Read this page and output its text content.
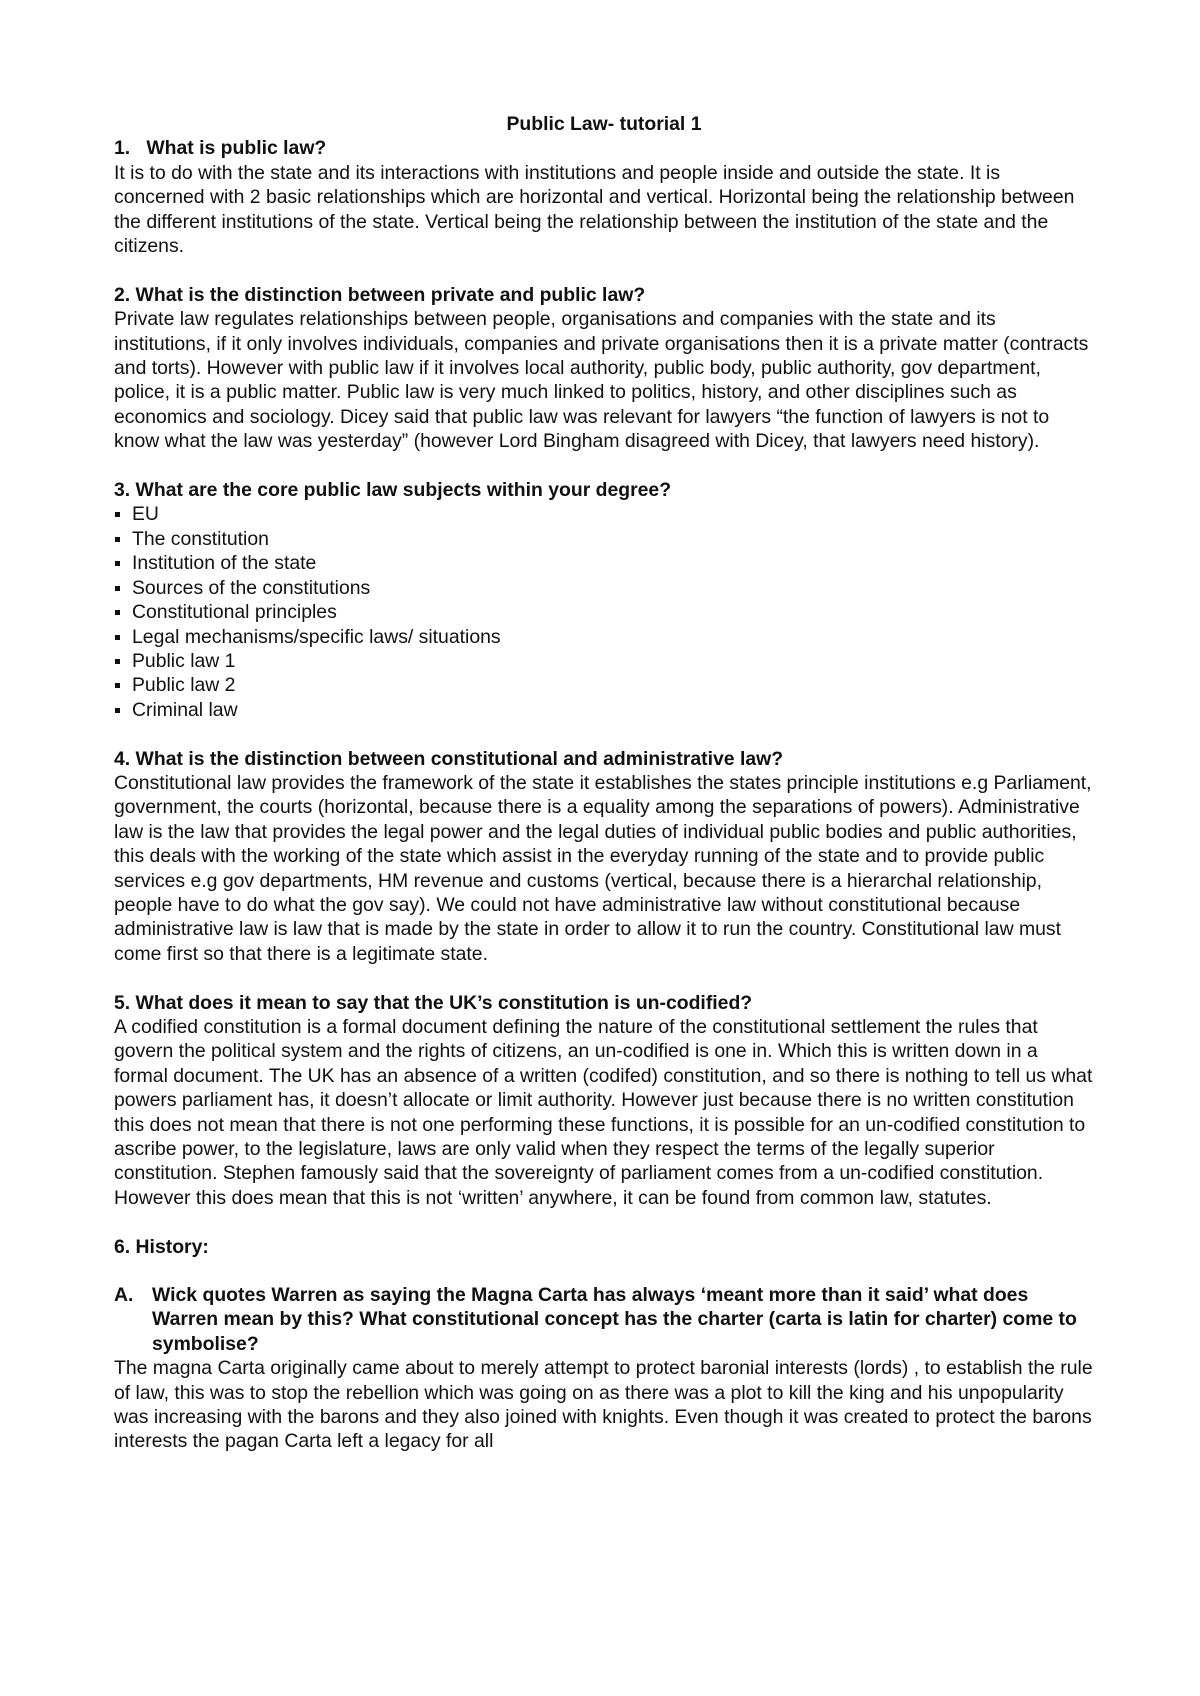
Public Law- tutorial 1

1.   What is public law?

It is to do with the state and its interactions with institutions and people inside and outside the state. It is concerned with 2 basic relationships which are horizontal and vertical. Horizontal being the relationship between the different institutions of the state. Vertical being the relationship between the institution of the state and the citizens.

2. What is the distinction between private and public law?

Private law regulates relationships between people, organisations and companies with the state and its institutions, if it only involves individuals, companies and private organisations then it is a private matter (contracts and torts). However with public law if it involves local authority, public body, public authority, gov department, police, it is a public matter. Public law is very much linked to politics, history, and other disciplines such as economics and sociology. Dicey said that public law was relevant for lawyers “the function of lawyers is not to know what the law was yesterday” (however Lord Bingham disagreed with Dicey, that lawyers need history).

3. What are the core public law subjects within your degree?

EU
The constitution
Institution of the state
Sources of the constitutions
Constitutional principles
Legal mechanisms/specific laws/ situations
Public law 1
Public law 2
Criminal law

4. What is the distinction between constitutional and administrative law?

Constitutional law provides the framework of the state it establishes the states principle institutions e.g Parliament, government, the courts (horizontal, because there is a equality among the separations of powers). Administrative law is the law that provides the legal power and the legal duties of individual public bodies and public authorities, this deals with the working of the state which assist in the everyday running of the state and to provide public services e.g gov departments, HM revenue and customs (vertical, because there is a hierarchal relationship, people have to do what the gov say). We could not have administrative law without constitutional because administrative law is law that is made by the state in order to allow it to run the country. Constitutional law must come first so that there is a legitimate state.

5. What does it mean to say that the UK’s constitution is un-codified?

A codified constitution is a formal document defining the nature of the constitutional settlement the rules that govern the political system and the rights of citizens, an un-codified is one in. Which this is written down in a formal document. The UK has an absence of a written (codifed) constitution, and so there is nothing to tell us what powers parliament has, it doesn’t allocate or limit authority. However just because there is no written constitution this does not mean that there is not one performing these functions, it is possible for an un-codified constitution to ascribe power, to the legislature, laws are only valid when they respect the terms of the legally superior constitution. Stephen famously said that the sovereignty of parliament comes from a un-codified constitution. However this does mean that this is not ‘written’ anywhere, it can be found from common law, statutes.

6. History:

A. Wick quotes Warren as saying the Magna Carta has always ‘meant more than it said’ what does Warren mean by this? What constitutional concept has the charter (carta is latin for charter) come to symbolise?

The magna Carta originally came about to merely attempt to protect baronial interests (lords) , to establish the rule of law, this was to stop the rebellion which was going on as there was a plot to kill the king and his unpopularity was increasing with the barons and they also joined with knights. Even though it was created to protect the barons interests the pagan Carta left a legacy for all
